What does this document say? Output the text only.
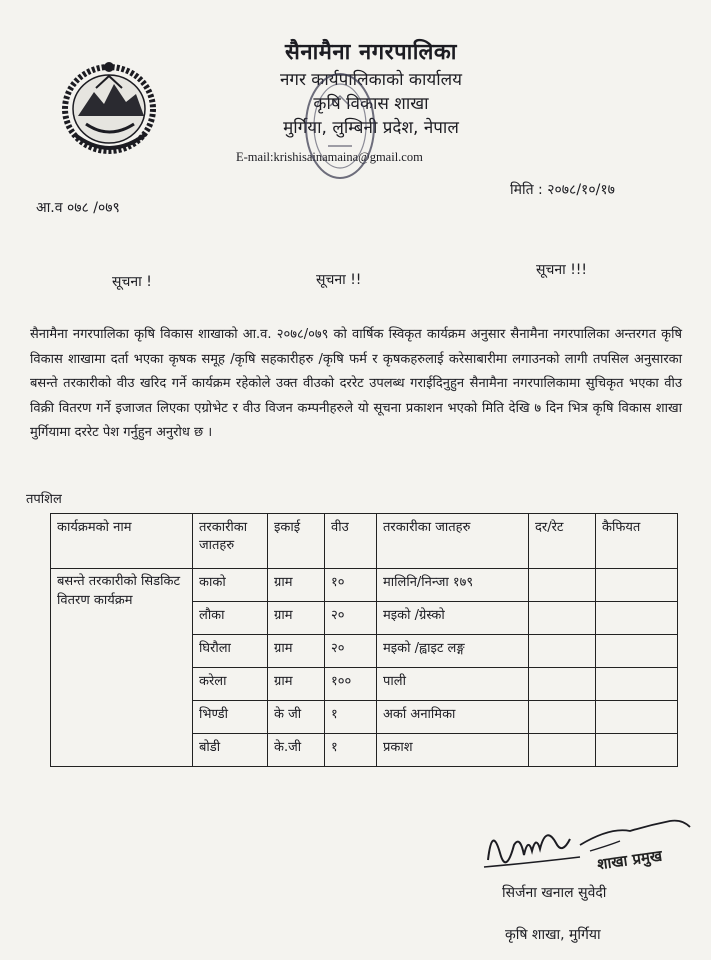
सैनामैना नगरपालिका
नगर कार्यपालिकाको कार्यालय
कृषि विकास शाखा
मुर्गिया, लुम्बिनी प्रदेश, नेपाल
E-mail:krishisainamaina@gmail.com
आ.व ०७८ /०७९
मिति : २०७८/१०/१७
सूचना !	सूचना !!
सूचना !!!
सैनामैना नगरपालिका कृषि विकास शाखाको आ.व. २०७८/०७९ को वार्षिक स्विकृत कार्यक्रम अनुसार सैनामैना नगरपालिका अन्तरगत कृषि विकास शाखामा दर्ता भएका कृषक समूह /कृषि सहकारीहरु /कृषि फर्म र कृषकहरुलाई करेसाबारीमा लगाउनको लागी तपसिल अनुसारका बसन्ते तरकारीको वीउ खरिद गर्ने कार्यक्रम रहेकोले उक्त वीउको दररेट उपलब्ध गराईदिनुहुन सैनामैना नगरपालिकामा सुचिकृत भएका वीउ विक्री वितरण गर्ने इजाजत लिएका एग्रोभेट र वीउ विजन कम्पनीहरुले यो सूचना प्रकाशन भएको मिति देखि ७ दिन भित्र कृषि विकास शाखा मुर्गियामा दररेट पेश गर्नुहुन अनुरोध छ ।
तपशिल
कार्यक्रमको नाम	तरकारीका जातहरु	इकाई	वीउ	तरकारीका जातहरु	दर/रेट	कैफियत
बसन्ते तरकारीको सिडकिट वितरण कार्यक्रम	काको	ग्राम	१०	मालिनि/निन्जा १७९		
	लौका	ग्राम	२०	मइको /ग्रेस्को		
	घिरौला	ग्राम	२०	मइको /ह्वाइट लङ्ग		
	करेला	ग्राम	१००	पाली		
	भिण्डी	के जी	१	अर्का अनामिका		
	बोडी	के.जी	१	प्रकाश		
शाखा प्रमुख
सिर्जना खनाल सुवेदी
कृषि शाखा, मुर्गिया
